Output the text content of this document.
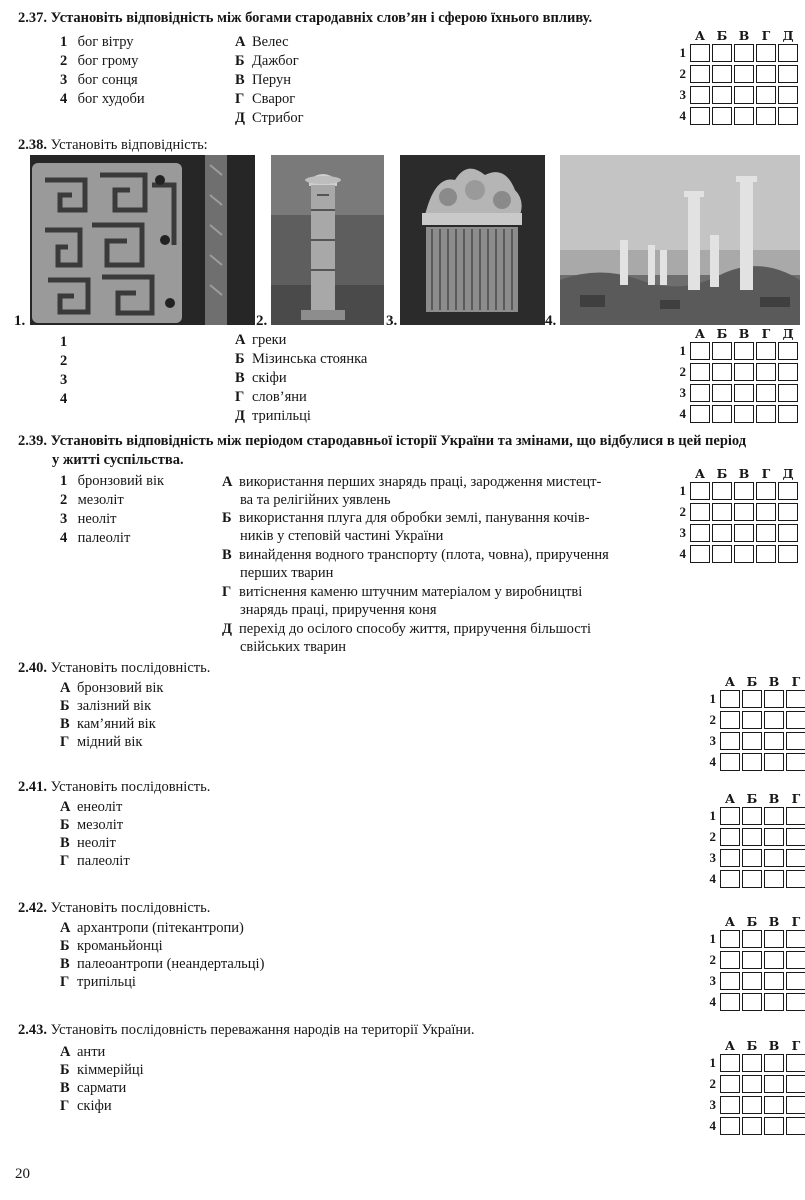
2.37. Установіть відповідність між богами стародавніх слов’ян і сферою їхнього впливу.
1 бог вітру
2 бог грому
3 бог сонця
4 бог худоби
А Велес
Б Дажбог
В Перун
Г Сварог
Д Стрибог
А Б В Г Д
1
2
3
4
2.38. Установіть відповідність:
1.	2.	3.	4.
1
2
3
4
А греки
Б Мізинська стоянка
В скіфи
Г слов’яни
Д трипільці
А Б В Г Д
1
2
3
4
2.39. Установіть відповідність між періодом стародавньої історії України та змінами, що відбулися в цей період
у житті суспільства.
1 бронзовий вік
2 мезоліт
3 неоліт
4 палеоліт
А використання перших знарядь праці, зародження мистецт-
ва та релігійних уявлень
Б використання плуга для обробки землі, панування кочів-
ників у степовій частині України
В винайдення водного транспорту (плота, човна), приручення
перших тварин
Г витіснення каменю штучним матеріалом у виробництві
знарядь праці, приручення коня
Д перехід до осілого способу життя, приручення більшості
свійських тварин
А Б В Г Д
1
2
3
4
2.40. Установіть послідовність.
А бронзовий вік
Б залізний вік
В кам’яний вік
Г мідний вік
А Б В Г
1
2
3
4
2.41. Установіть послідовність.
А енеоліт
Б мезоліт
В неоліт
Г палеоліт
А Б В Г
1
2
3
4
2.42. Установіть послідовність.
А архантропи (пітекантропи)
Б кроманьйонці
В палеоантропи (неандертальці)
Г трипільці
А Б В Г
1
2
3
4
2.43. Установіть послідовність переважання народів на території України.
А анти
Б кіммерійці
В сармати
Г скіфи
А Б В Г
1
2
3
4
20
